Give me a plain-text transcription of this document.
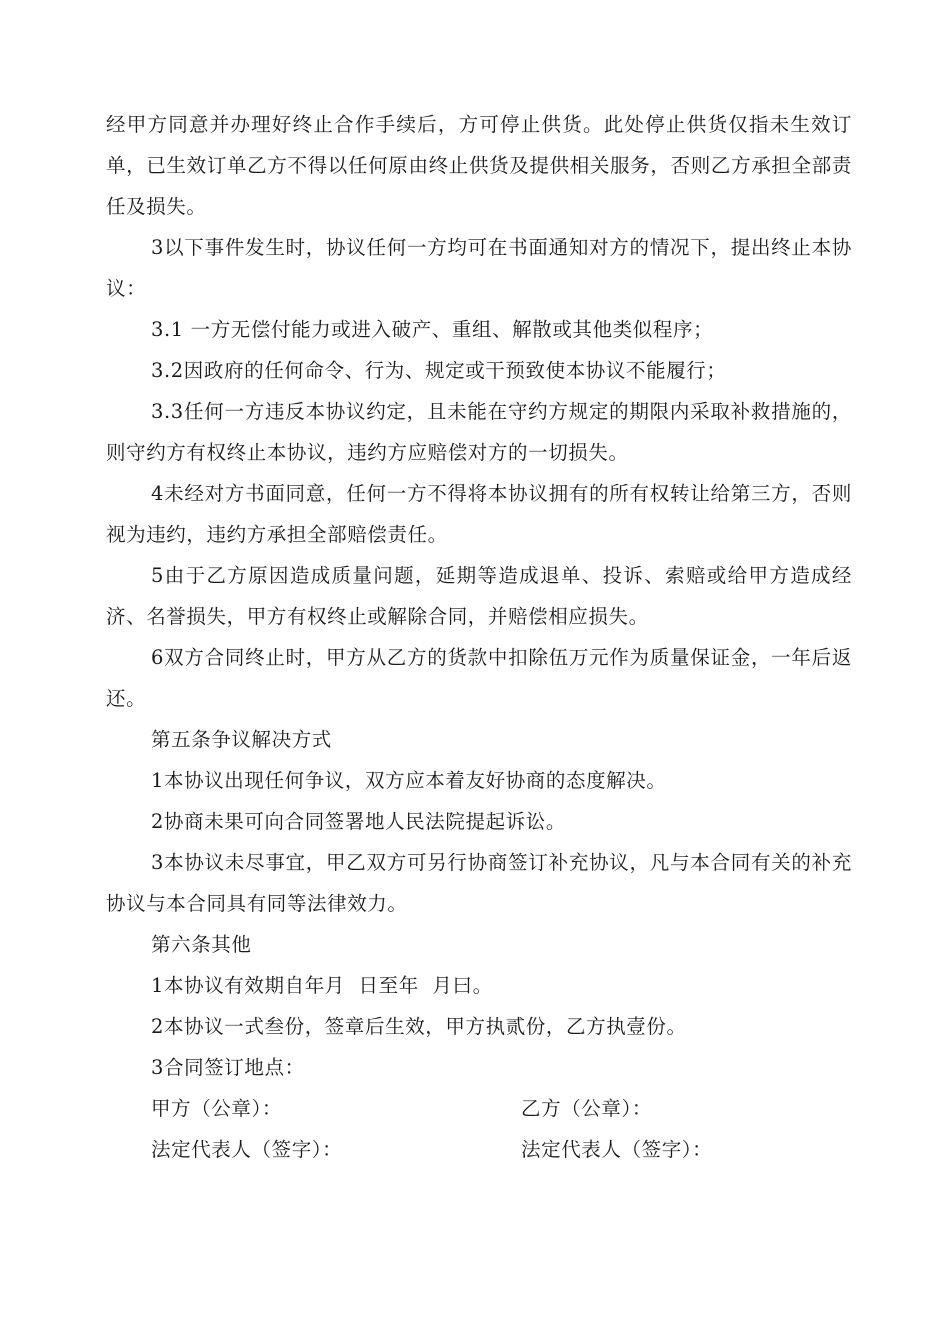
经甲方同意并办理好终止合作手续后，方可停止供货。此处停止供货仅指未生效订单，已生效订单乙方不得以任何原由终止供货及提供相关服务，否则乙方承担全部责任及损失。

3以下事件发生时，协议任何一方均可在书面通知对方的情况下，提出终止本协议：

3.1 一方无偿付能力或进入破产、重组、解散或其他类似程序；

3.2因政府的任何命令、行为、规定或干预致使本协议不能履行；

3.3任何一方违反本协议约定，且未能在守约方规定的期限内采取补救措施的，则守约方有权终止本协议，违约方应赔偿对方的一切损失。

4未经对方书面同意，任何一方不得将本协议拥有的所有权转让给第三方，否则视为违约，违约方承担全部赔偿责任。

5由于乙方原因造成质量问题，延期等造成退单、投诉、索赔或给甲方造成经济、名誉损失，甲方有权终止或解除合同，并赔偿相应损失。

6双方合同终止时，甲方从乙方的货款中扣除伍万元作为质量保证金，一年后返还。

第五条争议解决方式

1本协议出现任何争议，双方应本着友好协商的态度解决。

2协商未果可向合同签署地人民法院提起诉讼。

3本协议未尽事宜，甲乙双方可另行协商签订补充协议，凡与本合同有关的补充协议与本合同具有同等法律效力。

第六条其他

1本协议有效期自年月  日至年  月曰。

2本协议一式叁份，签章后生效，甲方执贰份，乙方执壹份。

3合同签订地点：

甲方（公章）：	乙方（公章）：
法定代表人（签字）：	法定代表人（签字）：
